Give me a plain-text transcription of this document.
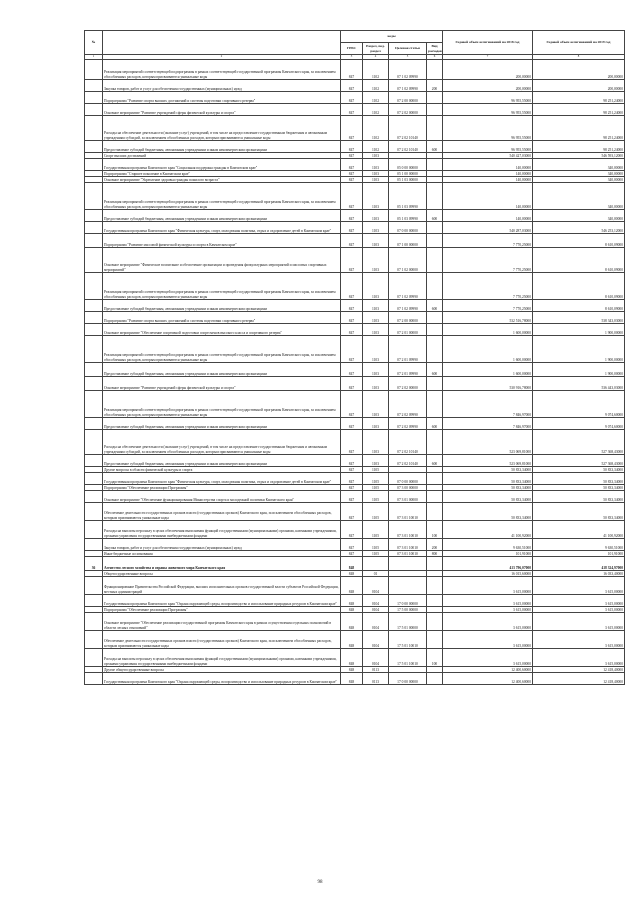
№		коды				Годовой объем ассигнований на 2018 год	Годовой объем ассигнований на 2019 год
		ГРБС	Раздел, под-раздел	Целевая статья	Вид расходов		
1	2	3	4	5	6	7	8
	Реализация мероприятий соответствующей подпрограммы в рамках соответствующей государственной программы Камчатского края, за исключением обособленных расходов, которым присваиваются уникальные коды	847	1102	07 1 02 09990		200,00000	200,00000
	Закупка товаров, работ и услуг для обеспечения государственных (муниципальных) нужд	847	1102	07 1 02 09990	200	200,00000	200,00000
	Подпрограмма "Развитие спорта высших достижений и системы подготовки спортивного резерва"	847	1102	07 2 00 00000		96 955,55000	98 251,24000
	Основное мероприятие "Развитие учреждений сферы физической культуры и спорта"	847	1102	07 2 02 00000		96 955,55000	98 251,24000
	Расходы на обеспечение деятельности (оказание услуг) учреждений, в том числе на предоставление государственным бюджетным и автономным учреждениям субсидий, за исключением обособленных расходов, которым присваиваются уникальные коды	847	1102	07 2 02 10140		96 955,55000	98 251,24000
	Предоставление субсидий бюджетным, автономным учреждениям и иным некоммерческим организациям	847	1102	07 2 02 10140	600	96 955,55000	98 251,24000
	Спорт высших достижений	847	1103			540 427,03000	546 593,12000
	Государственная программа Камчатского края "Социальная поддержка граждан в Камчатском крае"	847	1103	05 0 00 00000		140,00000	340,00000
	Подпрограмма "Старшее поколение в Камчатском крае"	847	1103	05 1 00 00000		140,00000	340,00000
	Основное мероприятие "Укрепление здоровья граждан пожилого возраста"	847	1103	05 1 03 00000		140,00000	340,00000
	Реализация мероприятий соответствующей подпрограммы в рамках соответствующей государственной программы Камчатского края, за исключением обособленных расходов, которым присваиваются уникальные коды	847	1103	05 1 03 09990		140,00000	340,00000
	Предоставление субсидий бюджетным, автономным учреждениям и иным некоммерческим организациям	847	1103	05 1 03 09990	600	140,00000	340,00000
	Государственная программа Камчатского края "Физическая культура, спорт, молодежная политика, отдых и оздоровление детей в Камчатском крае"	847	1103	07 0 00 00000		540 287,03000	546 253,12000
	Подпрограмма "Развитие массовой физической культуры и спорта в Камчатском крае"	847	1103	07 1 00 00000		7 770,25000	8 610,09000
	Основное мероприятие "Физическое воспитание и обеспечение организации и проведения физкультурных мероприятий и массовых спортивных мероприятий"	847	1103	07 1 02 00000		7 770,25000	8 610,09000
	Реализация мероприятий соответствующей подпрограммы в рамках соответствующей государственной программы Камчатского края, за исключением обособленных расходов, которым присваиваются уникальные коды	847	1103	07 1 02 09990		7 770,25000	8 610,09000
	Предоставление субсидий бюджетным, автономным учреждениям и иным некоммерческим организациям	847	1103	07 1 02 09990	600	7 770,25000	8 610,09000
	Подпрограмма "Развитие спорта высших достижений и системы подготовки спортивного резерва"	847	1103	07 2 00 00000		532 516,78000	538 343,03000
	Основное мероприятие "Обеспечение спортивной подготовки спортсменов высокого класса и спортивного резерва"	847	1103	07 2 01 00000		1 600,00000	1 900,00000
	Реализация мероприятий соответствующей подпрограммы в рамках соответствующей государственной программы Камчатского края, за исключением обособленных расходов, которым присваиваются уникальные коды	847	1103	07 2 01 09990		1 600,00000	1 900,00000
	Предоставление субсидий бюджетным, автономным учреждениям и иным некоммерческим организациям	847	1103	07 2 01 09990	600	1 600,00000	1 900,00000
	Основное мероприятие "Развитие учреждений сферы физической культуры и спорта"	847	1103	07 2 02 00000		530 916,78000	536 443,03000
	Реализация мероприятий соответствующей подпрограммы в рамках соответствующей государственной программы Камчатского края, за исключением обособленных расходов, которым присваиваются уникальные коды	847	1103	07 2 02 09990		7 846,97000	9 074,60000
	Предоставление субсидий бюджетным, автономным учреждениям и иным некоммерческим организациям	847	1103	07 2 02 09990	600	7 846,97000	9 074,60000
	Расходы на обеспечение деятельности (оказание услуг) учреждений, в том числе на предоставление государственным бюджетным и автономным учреждениям субсидий, за исключением обособленных расходов, которым присваиваются уникальные коды	847	1103	07 2 02 10140		523 069,81000	527 368,43000
	Предоставление субсидий бюджетным, автономным учреждениям и иным некоммерческим организациям	847	1103	07 2 02 10140	600	523 069,81000	527 368,43000
	Другие вопросы в области физической культуры и спорта	847	1105			50 833,34000	50 833,34000
	Государственная программа Камчатского края "Физическая культура, спорт, молодежная политика, отдых и оздоровление детей в Камчатском крае"	847	1105	07 0 00 00000		50 833,34000	50 833,34000
	Подпрограмма "Обеспечение реализации Программы"	847	1105	07 3 00 00000		50 833,34000	50 833,34000
	Основное мероприятие "Обеспечение функционирования Министерства спорта и молодежной политики Камчатского края"	847	1105	07 3 01 00000		50 833,34000	50 833,34000
	Обеспечение деятельности государственных органов власти (государственных органов) Камчатского края, за исключением обособленных расходов, которым присваиваются уникальные коды	847	1105	07 3 01 10010		50 833,34000	50 833,34000
	Расходы на выплаты персоналу в целях обеспечения выполнения функций государственными (муниципальными) органами, казенными учреждениями, органами управления государственными внебюджетными фондами	847	1105	07 3 01 10010	100	41 100,92000	41 100,92000
	Закупка товаров, работ и услуг для обеспечения государственных (муниципальных) нужд	847	1105	07 3 01 10010	200	9 630,51000	9 630,51000
	Иные бюджетные ассигнования	847	1105	07 3 01 10010	800	101,91000	101,91000
36	Агентство лесного хозяйства и охраны животного мира Камчатского края	848				413 796,07000	418 324,97000
	Общегосударственные вопросы	848	01			16 015,60000	16 033,40000
	Функционирование Правительства Российской Федерации, высших исполнительных органов государственной власти субъектов Российской Федерации, местных администраций	848	0104			3 615,00000	3 615,00000
	Государственная программа Камчатского края "Охрана окружающей среды, воспроизводство и использование природных ресурсов в Камчатском крае"	848	0104	17 0 00 00000		3 615,00000	3 615,00000
	Подпрограмма "Обеспечение реализации Программы"	848	0104	17 5 00 00000		3 615,00000	3 615,00000
	Основное мероприятие "Обеспечение реализации государственной программы Камчатского края в рамках осуществления отдельных полномочий в области лесных отношений"	848	0104	17 5 01 00000		3 615,00000	3 615,00000
	Обеспечение деятельности государственных органов власти (государственных органов) Камчатского края, за исключением обособленных расходов, которым присваиваются уникальные коды	848	0104	17 5 01 10010		3 615,00000	3 615,00000
	Расходы на выплаты персоналу в целях обеспечения выполнения функций государственными (муниципальными) органами, казенными учреждениями, органами управления государственными внебюджетными фондами	848	0104	17 5 01 10010	100	3 615,00000	3 615,00000
	Другие общегосударственные вопросы	848	0113			12 400,60000	12 418,40000
	Государственная программа Камчатского края "Охрана окружающей среды, воспроизводство и использование природных ресурсов в Камчатском крае"	848	0113	17 0 00 00000		12 400,60000	12 418,40000
98
